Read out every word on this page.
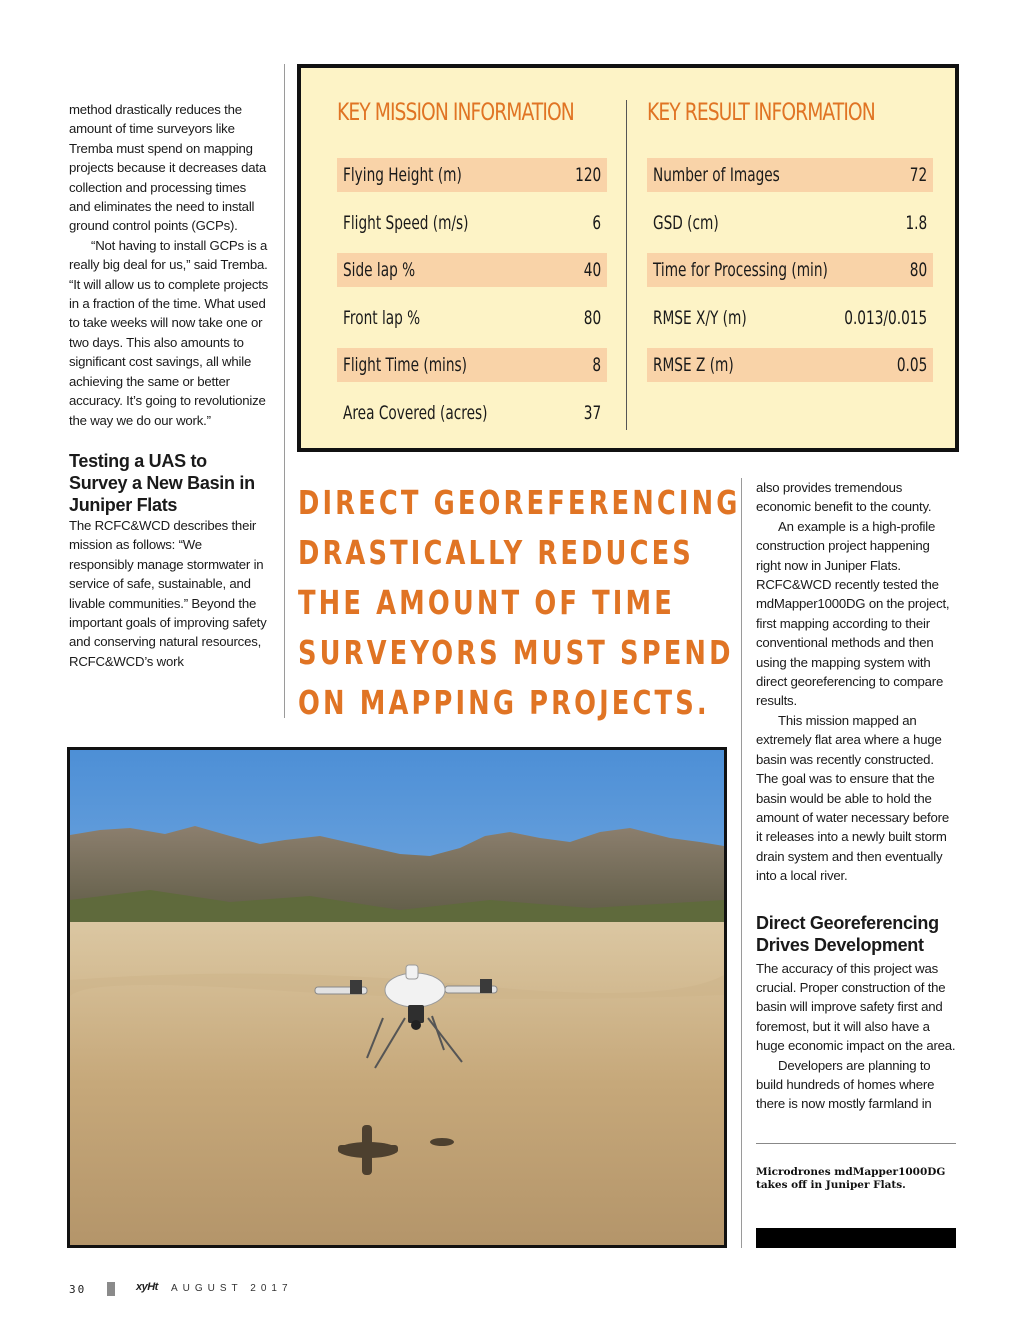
method drastically reduces the amount of time surveyors like Tremba must spend on mapping projects because it decreases data collection and processing times and eliminates the need to install ground control points (GCPs).

“Not having to install GCPs is a really big deal for us,” said Tremba. “It will allow us to complete projects in a fraction of the time. What used to take weeks will now take one or two days. This also amounts to significant cost savings, all while achieving the same or better accuracy. It’s going to revolutionize the way we do our work.”

Testing a UAS to Survey a New Basin in Juniper Flats

The RCFC&WCD describes their mission as follows: “We responsibly manage stormwater in service of safe, sustainable, and livable communities.” Beyond the important goals of improving safety and conserving natural resources, RCFC&WCD’s work

KEY MISSION INFORMATION
Flying Height (m)	120
Flight Speed (m/s)	6
Side lap %	40
Front lap %	80
Flight Time (mins)	8
Area Covered (acres)	37
KEY RESULT INFORMATION
Number of Images	72
GSD (cm)	1.8
Time for Processing (min)	80
RMSE X/Y (m)	0.013/0.015
RMSE Z (m)	0.05
DIRECT GEOREFERENCING
DRASTICALLY REDUCES
THE AMOUNT OF TIME
SURVEYORS MUST SPEND
ON MAPPING PROJECTS.

also provides tremendous economic benefit to the county.

An example is a high-profile construction project happening right now in Juniper Flats. RCFC&WCD recently tested the mdMapper1000DG on the project, first mapping according to their conventional methods and then using the mapping system with direct georeferencing to compare results.

This mission mapped an extremely flat area where a huge basin was recently constructed. The goal was to ensure that the basin would be able to hold the amount of water necessary before it releases into a newly built storm drain system and then eventually into a local river.

Direct Georeferencing Drives Development

The accuracy of this project was crucial. Proper construction of the basin will improve safety first and foremost, but it will also have a huge economic impact on the area.

Developers are planning to build hundreds of homes where there is now mostly farmland in

Microdrones mdMapper1000DG takes off in Juniper Flats.
30	xyHt AUGUST 2017
